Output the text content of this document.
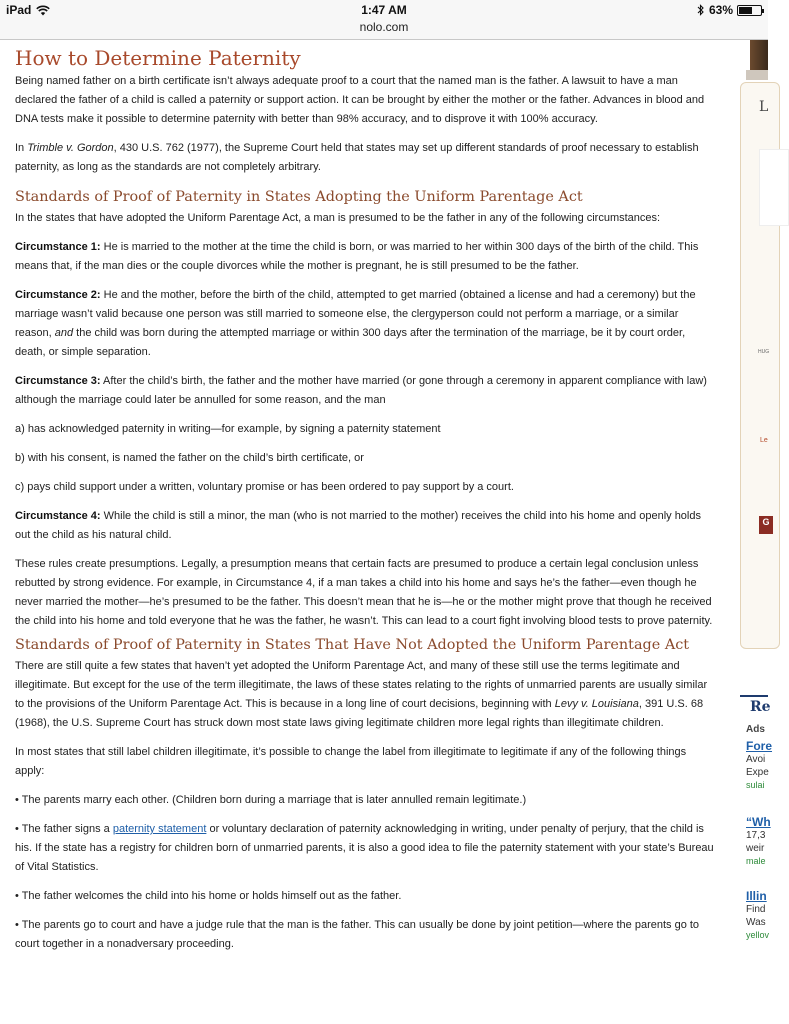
iPad	1:47 AM	63%
nolo.com
How to Determine Paternity

Being named father on a birth certificate isn’t always adequate proof to a court that the named man is the father. A lawsuit to have a man declared the father of a child is called a paternity or support action. It can be brought by either the mother or the father. Advances in blood and DNA tests make it possible to determine paternity with better than 98% accuracy, and to disprove it with 100% accuracy.

In Trimble v. Gordon, 430 U.S. 762 (1977), the Supreme Court held that states may set up different standards of proof necessary to establish paternity, as long as the standards are not completely arbitrary.

Standards of Proof of Paternity in States Adopting the Uniform Parentage Act

In the states that have adopted the Uniform Parentage Act, a man is presumed to be the father in any of the following circumstances:

Circumstance 1: He is married to the mother at the time the child is born, or was married to her within 300 days of the birth of the child. This means that, if the man dies or the couple divorces while the mother is pregnant, he is still presumed to be the father.

Circumstance 2: He and the mother, before the birth of the child, attempted to get married (obtained a license and had a ceremony) but the marriage wasn’t valid because one person was still married to someone else, the clergyperson could not perform a marriage, or a similar reason, and the child was born during the attempted marriage or within 300 days after the termination of the marriage, be it by court order, death, or simple separation.

Circumstance 3: After the child’s birth, the father and the mother have married (or gone through a ceremony in apparent compliance with law) although the marriage could later be annulled for some reason, and the man

a) has acknowledged paternity in writing—for example, by signing a paternity statement

b) with his consent, is named the father on the child’s birth certificate, or

c) pays child support under a written, voluntary promise or has been ordered to pay support by a court.

Circumstance 4: While the child is still a minor, the man (who is not married to the mother) receives the child into his home and openly holds out the child as his natural child.

These rules create presumptions. Legally, a presumption means that certain facts are presumed to produce a certain legal conclusion unless rebutted by strong evidence. For example, in Circumstance 4, if a man takes a child into his home and says he’s the father—even though he never married the mother—he’s presumed to be the father. This doesn’t mean that he is—he or the mother might prove that though he received the child into his home and told everyone that he was the father, he wasn’t. This can lead to a court fight involving blood tests to prove paternity.

Standards of Proof of Paternity in States That Have Not Adopted the Uniform Parentage Act

There are still quite a few states that haven’t yet adopted the Uniform Parentage Act, and many of these still use the terms legitimate and illegitimate. But except for the use of the term illegitimate, the laws of these states relating to the rights of unmarried parents are usually similar to the provisions of the Uniform Parentage Act. This is because in a long line of court decisions, beginning with Levy v. Louisiana, 391 U.S. 68 (1968), the U.S. Supreme Court has struck down most state laws giving legitimate children more legal rights than illegitimate children.

In most states that still label children illegitimate, it’s possible to change the label from illegitimate to legitimate if any of the following things apply:

• The parents marry each other. (Children born during a marriage that is later annulled remain legitimate.)

• The father signs a paternity statement or voluntary declaration of paternity acknowledging in writing, under penalty of perjury, that the child is his. If the state has a registry for children born of unmarried parents, it is also a good idea to file the paternity statement with your state’s Bureau of Vital Statistics.

• The father welcomes the child into his home or holds himself out as the father.

• The parents go to court and have a judge rule that the man is the father. This can usually be done by joint petition—where the parents go to court together in a nonadversary proceeding.

L
HUG
Le
G
Re
Ads
Fore
Avoi
Expe
sulai
“Wh
17,3
weir
male
Illin
Find
Was
yellov
